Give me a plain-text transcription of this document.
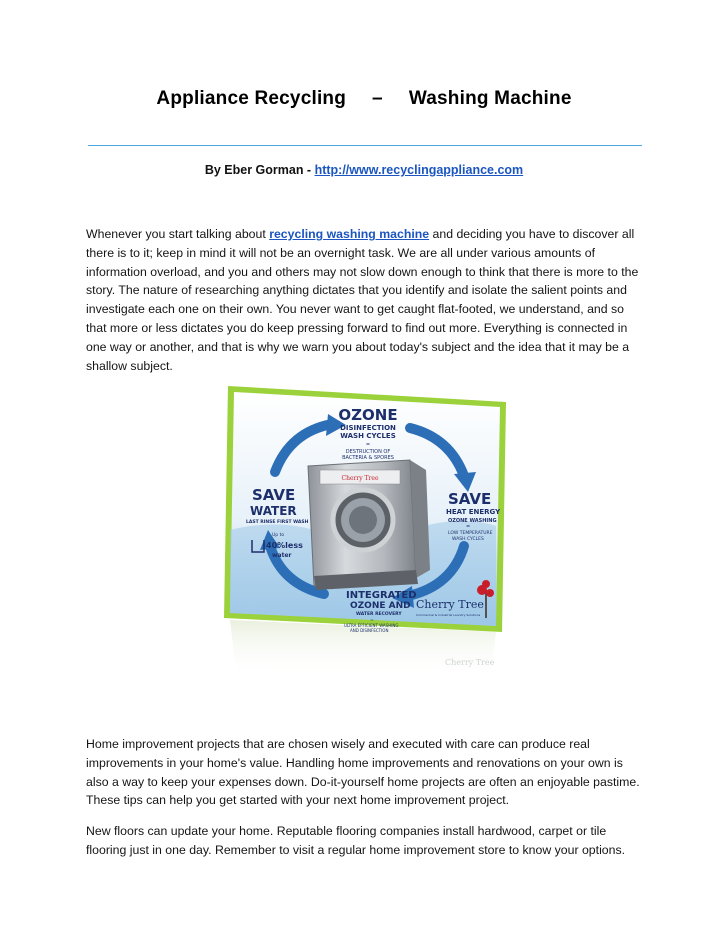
Appliance Recycling – Washing Machine
By Eber Gorman - http://www.recyclingappliance.com

Whenever you start talking about recycling washing machine and deciding you have to discover all there is to it; keep in mind it will not be an overnight task. We are all under various amounts of information overload, and you and others may not slow down enough to think that there is more to the story. The nature of researching anything dictates that you identify and isolate the salient points and investigate each one on their own. You never want to get caught flat-footed, we understand, and so that more or less dictates you do keep pressing forward to find out more. Everything is connected in one way or another, and that is why we warn you about today's subject and the idea that it may be a shallow subject.

Cherry Tree
OZONE
DISINFECTION
WASH CYCLES
=
DESTRUCTION OF
BACTERIA & SPORES
Cherry Tree
SAVE
WATER
LAST RINSE FIRST WASH
Up to
40%less
water
SAVE
HEAT ENERGY
OZONE WASHING
=
LOW TEMPERATURE
WASH CYCLES
INTEGRATED
OZONE AND
WATER RECOVERY
=
ULTRA EFFICIENT WASHING
AND DISINFECTION
Cherry Tree
Commercial & Industrial Laundry Solutions

Home improvement projects that are chosen wisely and executed with care can produce real improvements in your home's value. Handling home improvements and renovations on your own is also a way to keep your expenses down. Do-it-yourself home projects are often an enjoyable pastime. These tips can help you get started with your next home improvement project.

New floors can update your home. Reputable flooring companies install hardwood, carpet or tile flooring just in one day. Remember to visit a regular home improvement store to know your options.
